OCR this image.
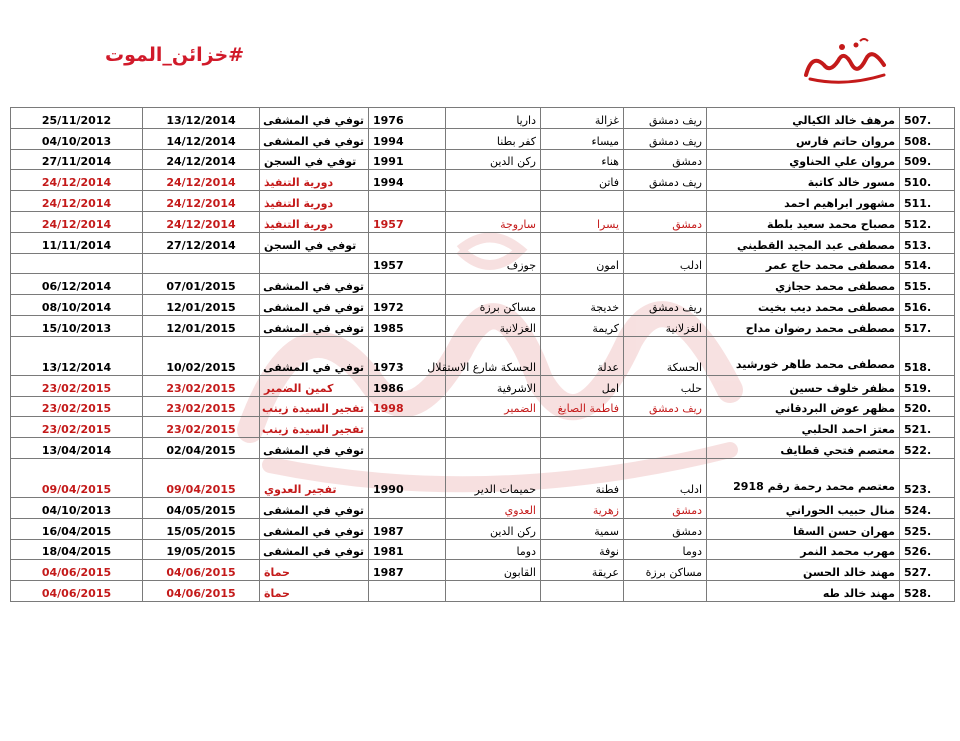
#خزائن_الموت
507.	مرهف خالد الكيالي	ريف دمشق	غزالة	داريا	1976	توفي في المشفى	13/12/2014	25/11/2012
508.	مروان حاتم فارس	ريف دمشق	ميساء	كفر بطنا	1994	توفي في المشفى	14/12/2014	04/10/2013
509.	مروان علي الحناوي	دمشق	هناء	ركن الدين	1991	توفي في السجن	24/12/2014	27/11/2014
510.	مسور خالد كاتبة	ريف دمشق	فاتن		1994	دورية التنفيذ	24/12/2014	24/12/2014
511.	مشهور ابراهيم احمد					دورية التنفيذ	24/12/2014	24/12/2014
512.	مصباح محمد سعيد بلطة	دمشق	يسرا	ساروجة	1957	دورية التنفيذ	24/12/2014	24/12/2014
513.	مصطفى عبد المجيد القطيني					توفي في السجن	27/12/2014	11/11/2014
514.	مصطفى محمد حاج عمر	ادلب	امون	جوزف	1957			
515.	مصطفى محمد حجازي					توفي في المشفى	07/01/2015	06/12/2014
516.	مصطفى محمد ديب بخيت	ريف دمشق	خديجة	مساكن برزة	1972	توفي في المشفى	12/01/2015	08/10/2014
517.	مصطفى محمد رضوان مداح	الغزلانية	كريمة	الغزلانية	1985	توفي في المشفى	12/01/2015	15/10/2013
518.	مصطفى محمد طاهر خورشيد	الحسكة	عدلة	الحسكة شارع الاستقلال	1973	توفي في المشفى	10/02/2015	13/12/2014
519.	مظفر خلوف حسين	حلب	امل	الاشرفية	1986	كمين الضمير	23/02/2015	23/02/2015
520.	مظهر عوض البردقاني	ريف دمشق	فاطمة الصايغ	الضمير	1998	تفجير السيدة زينب	23/02/2015	23/02/2015
521.	معتز احمد الحلبي					تفجير السيدة زينب	23/02/2015	23/02/2015
522.	معتصم فتحي قطايف					توفي في المشفى	02/04/2015	13/04/2014
523.	معتصم محمد رحمة رقم 2918	ادلب	فطنة	حميمات الدير	1990	تفجير العدوي	09/04/2015	09/04/2015
524.	منال حبيب الحوراني	دمشق	زهرية	العدوي		توفي في المشفى	04/05/2015	04/10/2013
525.	مهران حسن السقا	دمشق	سمية	ركن الدين	1987	توفي في المشفى	15/05/2015	16/04/2015
526.	مهرب محمد النمر	دوما	نوفة	دوما	1981	توفي في المشفى	19/05/2015	18/04/2015
527.	مهند خالد الحسن	مساكن برزة	عريقة	القابون	1987	حماة	04/06/2015	04/06/2015
528.	مهند خالد طه					حماة	04/06/2015	04/06/2015
